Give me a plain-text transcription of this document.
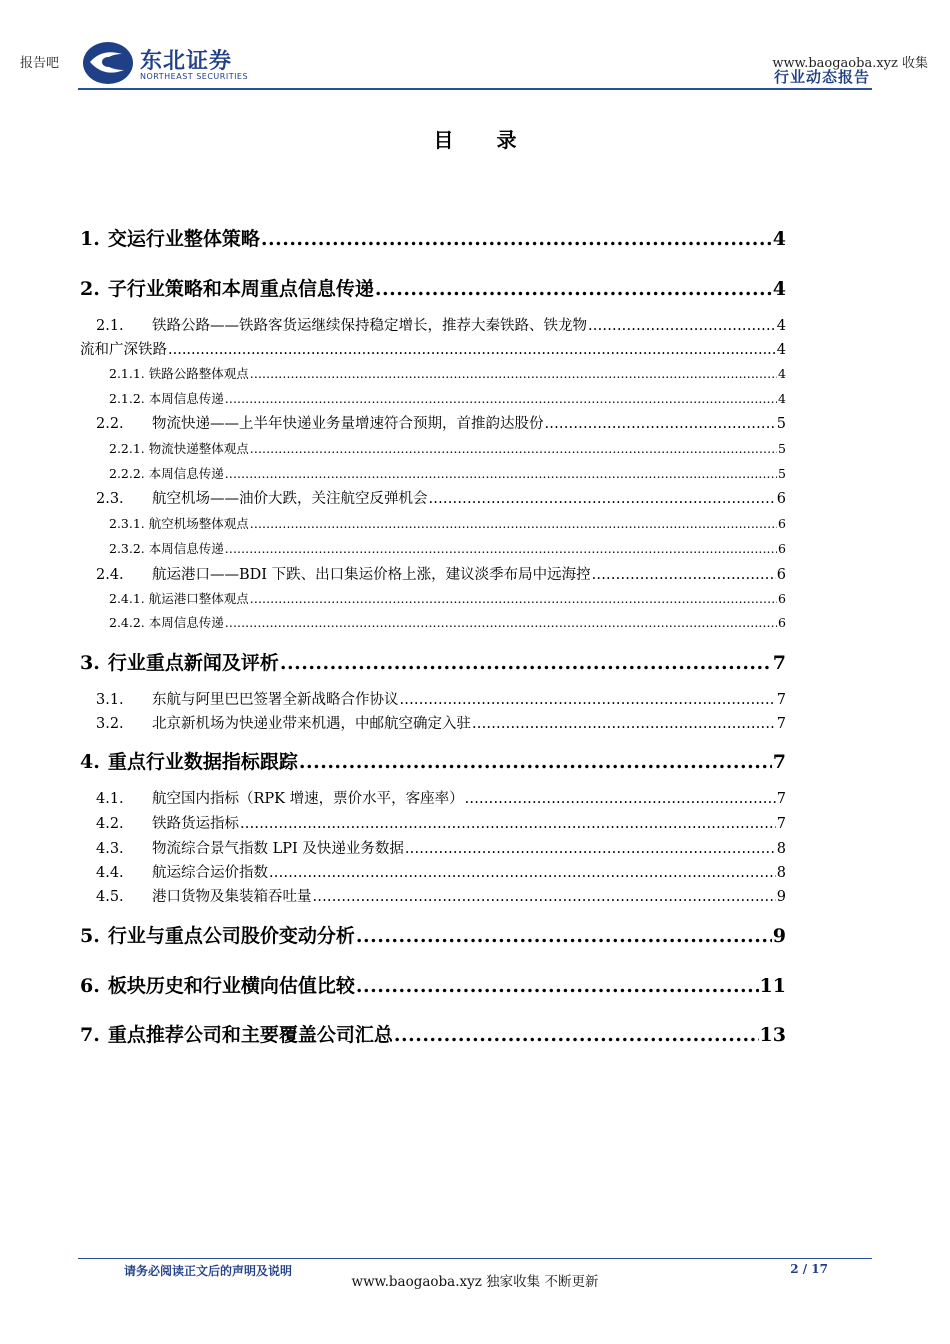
报告吧	东北证券
NORTHEAST SECURITIES
www.baogaoba.xyz 收集
行业动态报告
目 录
1. 交运行业整体策略 .....	4
2. 子行业策略和本周重点信息传递 .....	4
2.1.	铁路公路——铁路客货运继续保持稳定增长，推荐大秦铁路、铁龙物 .....	4
流和广深铁路 .....	4
2.1.1. 铁路公路整体观点 .....	4
2.1.2. 本周信息传递 .....	4
2.2.	物流快递——上半年快递业务量增速符合预期，首推韵达股份 .....	5
2.2.1. 物流快递整体观点 .....	5
2.2.2. 本周信息传递 .....	5
2.3.	航空机场——油价大跌，关注航空反弹机会 .....	6
2.3.1. 航空机场整体观点 .....	6
2.3.2. 本周信息传递 .....	6
2.4.	航运港口——BDI 下跌、出口集运价格上涨，建议淡季布局中远海控 .....	6
2.4.1. 航运港口整体观点 .....	6
2.4.2. 本周信息传递 .....	6
3. 行业重点新闻及评析 .....	7
3.1.	东航与阿里巴巴签署全新战略合作协议 .....	7
3.2.	北京新机场为快递业带来机遇，中邮航空确定入驻 .....	7
4. 重点行业数据指标跟踪 .....	7
4.1.	航空国内指标（RPK 增速，票价水平，客座率） .....	7
4.2.	铁路货运指标 .....	7
4.3.	物流综合景气指数 LPI 及快递业务数据 .....	8
4.4.	航运综合运价指数 .....	8
4.5.	港口货物及集装箱吞吐量 .....	9
5. 行业与重点公司股价变动分析 .....	9
6. 板块历史和行业横向估值比较 .....	11
7. 重点推荐公司和主要覆盖公司汇总 .....	13
请务必阅读正文后的声明及说明	2 / 17
www.baogaoba.xyz 独家收集 不断更新
